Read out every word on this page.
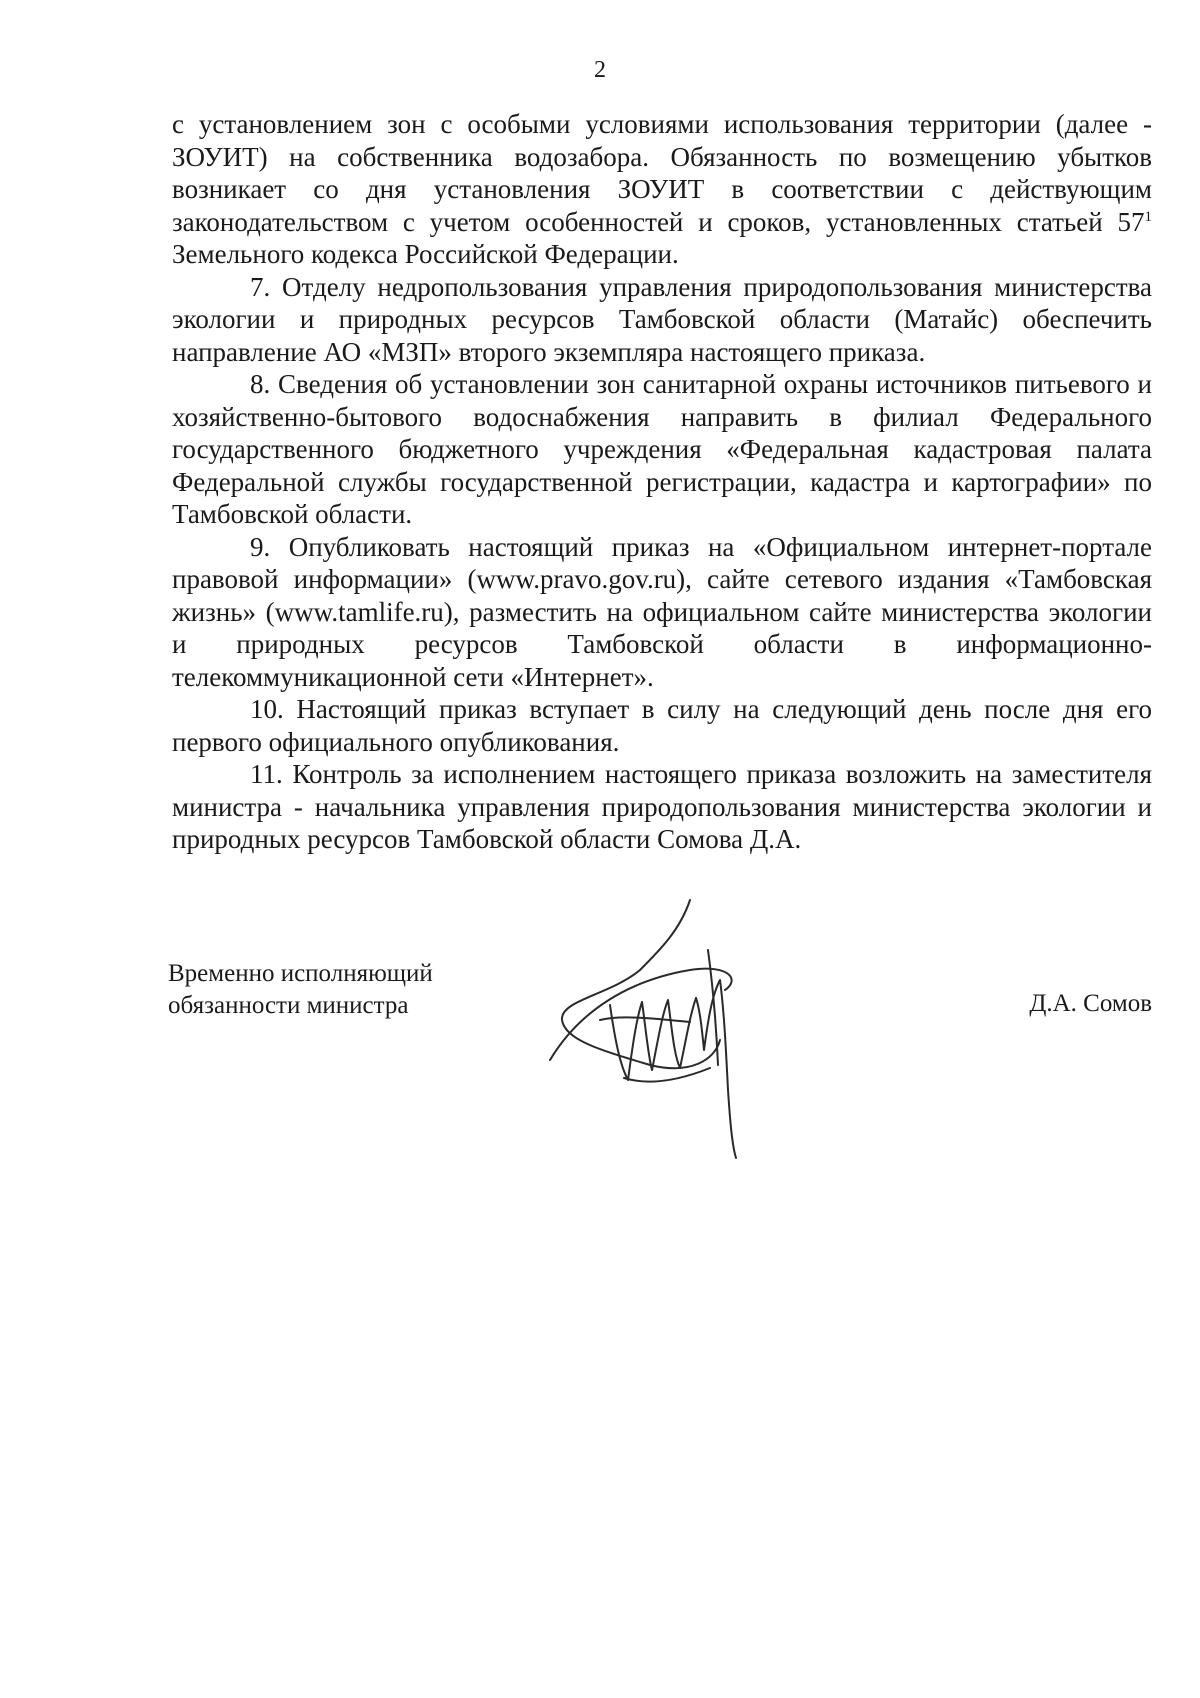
2

с установлением зон с особыми условиями использования территории (далее - ЗОУИТ) на собственника водозабора. Обязанность по возмещению убытков возникает со дня установления ЗОУИТ в соответствии с действующим законодательством с учетом особенностей и сроков, установленных статьей $57^1$ Земельного кодекса Российской Федерации.

7. Отделу недропользования управления природопользования министерства экологии и природных ресурсов Тамбовской области (Матайс) обеспечить направление АО «МЗП» второго экземпляра настоящего приказа.

8. Сведения об установлении зон санитарной охраны источников питьевого и хозяйственно-бытового водоснабжения направить в филиал Федерального государственного бюджетного учреждения «Федеральная кадастровая палата Федеральной службы государственной регистрации, кадастра и картографии» по Тамбовской области.

9. Опубликовать настоящий приказ на «Официальном интернет-портале правовой информации» (www.pravo.gov.ru), сайте сетевого издания «Тамбовская жизнь» (www.tamlife.ru), разместить на официальном сайте министерства экологии и природных ресурсов Тамбовской области в информационно-телекоммуникационной сети «Интернет».

10. Настоящий приказ вступает в силу на следующий день после дня его первого официального опубликования.

11. Контроль за исполнением настоящего приказа возложить на заместителя министра - начальника управления природопользования министерства экологии и природных ресурсов Тамбовской области Сомова Д.А.

Временно исполняющий
обязанности министра	Д.А. Сомов
